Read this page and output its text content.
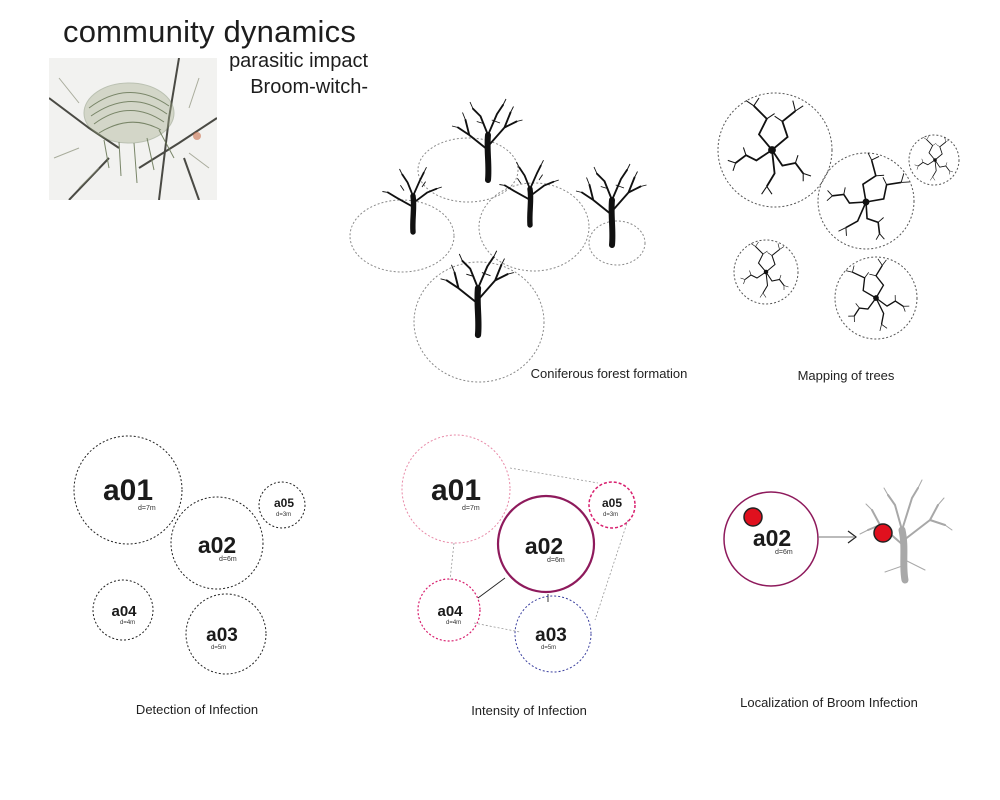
community dynamics
parasitic impact
Broom-witch-
a01
d=7m
a02
d=6m
a05
d=3m
a04
d=4m
a03
d=5m
a01
d=7m
a02
d=6m
a05
d=3m
a04
d=4m
a03
d=5m
a02
d=6m
Coniferous forest formation	Mapping of trees
Detection of Infection	Intensity of Infection
Localization of Broom Infection
